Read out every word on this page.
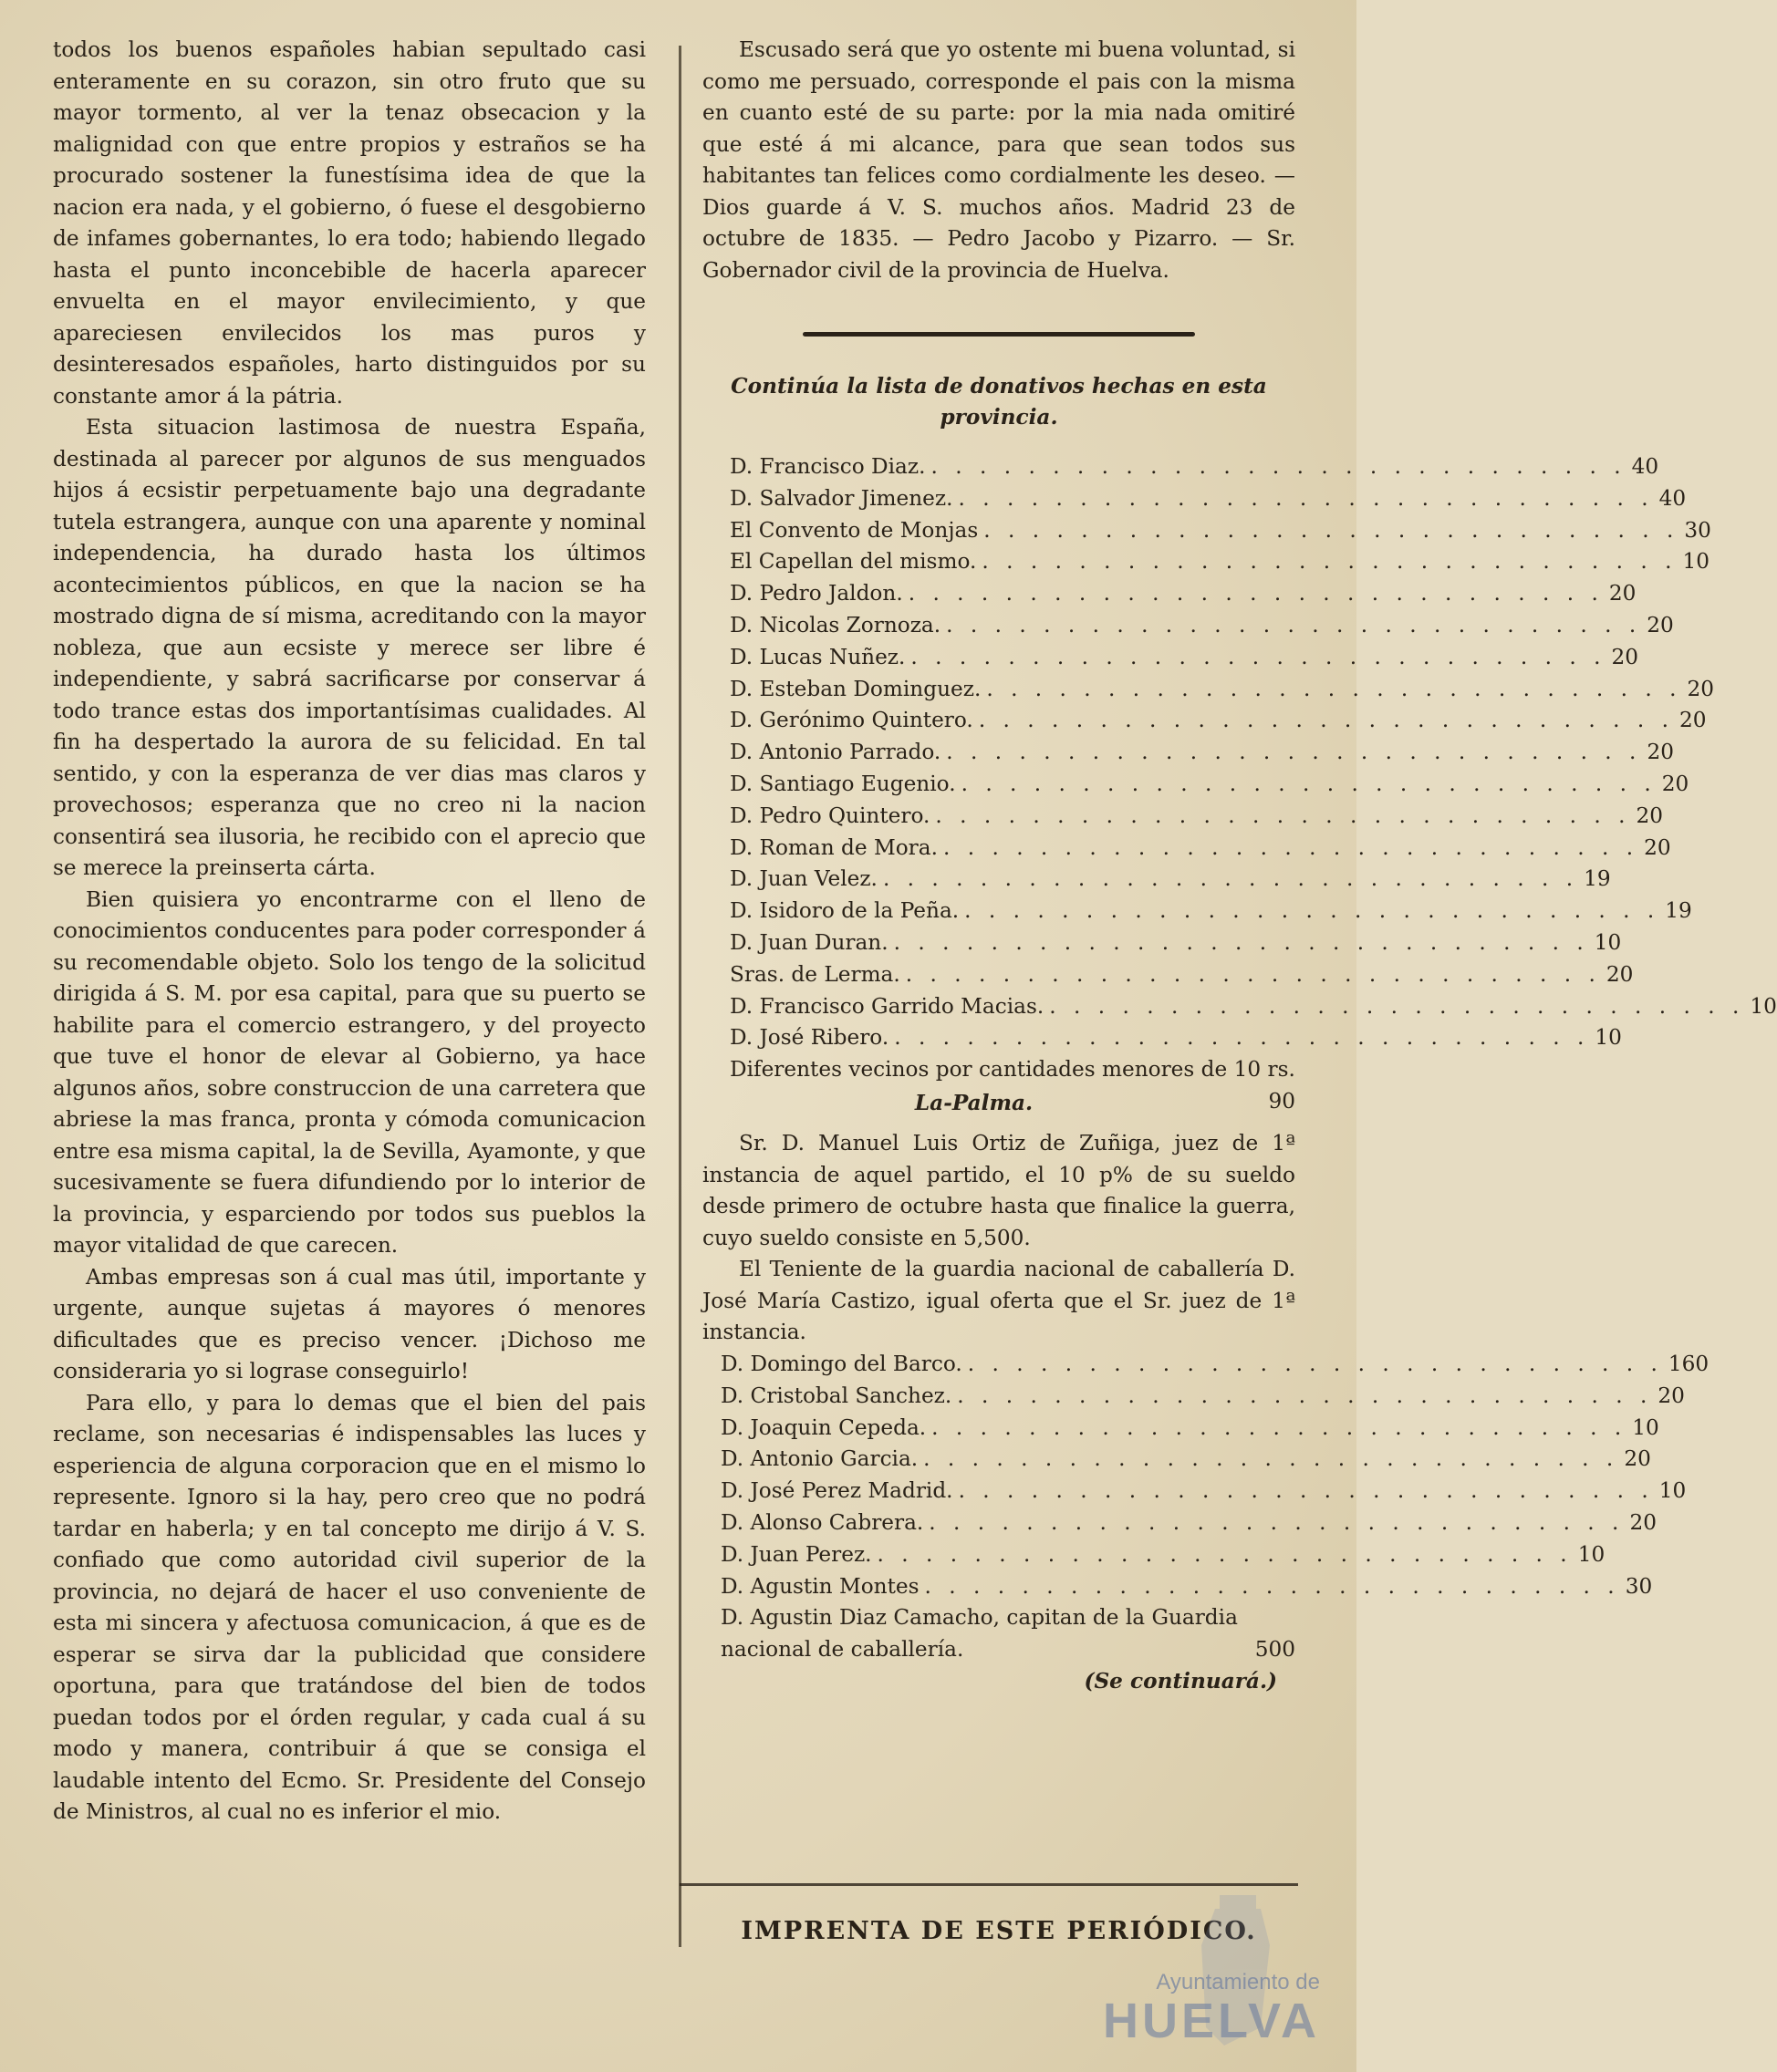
todos los buenos españoles habian sepultado casi enteramente en su corazon, sin otro fruto que su mayor tormento, al ver la tenaz obsecacion y la malignidad con que entre propios y estraños se ha procurado sostener la funestísima idea de que la nacion era nada, y el gobierno, ó fuese el desgobierno de infames gobernantes, lo era todo; habiendo llegado hasta el punto inconcebible de hacerla aparecer envuelta en el mayor envilecimiento, y que apareciesen envilecidos los mas puros y desinteresados españoles, harto distinguidos por su constante amor á la pátria.

Esta situacion lastimosa de nuestra España, destinada al parecer por algunos de sus menguados hijos á ecsistir perpetuamente bajo una degradante tutela estrangera, aunque con una aparente y nominal independencia, ha durado hasta los últimos acontecimientos públicos, en que la nacion se ha mostrado digna de sí misma, acreditando con la mayor nobleza, que aun ecsiste y merece ser libre é independiente, y sabrá sacrificarse por conservar á todo trance estas dos importantísimas cualidades. Al fin ha despertado la aurora de su felicidad. En tal sentido, y con la esperanza de ver dias mas claros y provechosos; esperanza que no creo ni la nacion consentirá sea ilusoria, he recibido con el aprecio que se merece la preinserta cárta.

Bien quisiera yo encontrarme con el lleno de conocimientos conducentes para poder corresponder á su recomendable objeto. Solo los tengo de la solicitud dirigida á S. M. por esa capital, para que su puerto se habilite para el comercio estrangero, y del proyecto que tuve el honor de elevar al Gobierno, ya hace algunos años, sobre construccion de una carretera que abriese la mas franca, pronta y cómoda comunicacion entre esa misma capital, la de Sevilla, Ayamonte, y que sucesivamente se fuera difundiendo por lo interior de la provincia, y esparciendo por todos sus pueblos la mayor vitalidad de que carecen.

Ambas empresas son á cual mas útil, importante y urgente, aunque sujetas á mayores ó menores dificultades que es preciso vencer. ¡Dichoso me consideraria yo si lograse conseguirlo!

Para ello, y para lo demas que el bien del pais reclame, son necesarias é indispensables las luces y esperiencia de alguna corporacion que en el mismo lo represente. Ignoro si la hay, pero creo que no podrá tardar en haberla; y en tal concepto me dirijo á V. S. confiado que como autoridad civil superior de la provincia, no dejará de hacer el uso conveniente de esta mi sincera y afectuosa comunicacion, á que es de esperar se sirva dar la publicidad que considere oportuna, para que tratándose del bien de todos puedan todos por el órden regular, y cada cual á su modo y manera, contribuir á que se consiga el laudable intento del Ecmo. Sr. Presidente del Consejo de Ministros, al cual no es inferior el mio.

Escusado será que yo ostente mi buena voluntad, si como me persuado, corresponde el pais con la misma en cuanto esté de su parte: por la mia nada omitiré que esté á mi alcance, para que sean todos sus habitantes tan felices como cordialmente les deseo. — Dios guarde á V. S. muchos años. Madrid 23 de octubre de 1835. — Pedro Jacobo y Pizarro. — Sr. Gobernador civil de la provincia de Huelva.

Continúa la lista de donativos hechas en esta provincia.

D. Francisco Diaz. . . . . . . . . . . . . . . . . . . . . . . . . . . . . . 40
D. Salvador Jimenez. . . . . . . . . . . . . . . . . . . . . . . . . . . . . . 40
El Convento de Monjas . . . . . . . . . . . . . . . . . . . . . . . . . . . . . 30
El Capellan del mismo. . . . . . . . . . . . . . . . . . . . . . . . . . . . . . 10
D. Pedro Jaldon. . . . . . . . . . . . . . . . . . . . . . . . . . . . . . 20
D. Nicolas Zornoza. . . . . . . . . . . . . . . . . . . . . . . . . . . . . . 20
D. Lucas Nuñez. . . . . . . . . . . . . . . . . . . . . . . . . . . . . . 20
D. Esteban Dominguez. . . . . . . . . . . . . . . . . . . . . . . . . . . . . . 20
D. Gerónimo Quintero. . . . . . . . . . . . . . . . . . . . . . . . . . . . . . 20
D. Antonio Parrado. . . . . . . . . . . . . . . . . . . . . . . . . . . . . . 20
D. Santiago Eugenio. . . . . . . . . . . . . . . . . . . . . . . . . . . . . . 20
D. Pedro Quintero. . . . . . . . . . . . . . . . . . . . . . . . . . . . . . 20
D. Roman de Mora. . . . . . . . . . . . . . . . . . . . . . . . . . . . . . 20
D. Juan Velez. . . . . . . . . . . . . . . . . . . . . . . . . . . . . . 19
D. Isidoro de la Peña. . . . . . . . . . . . . . . . . . . . . . . . . . . . . . 19
D. Juan Duran. . . . . . . . . . . . . . . . . . . . . . . . . . . . . . 10
Sras. de Lerma. . . . . . . . . . . . . . . . . . . . . . . . . . . . . . 20
D. Francisco Garrido Macias. . . . . . . . . . . . . . . . . . . . . . . . . . . . . . 10
D. José Ribero. . . . . . . . . . . . . . . . . . . . . . . . . . . . . . 10
Diferentes vecinos por cantidades menores de 10 rs.
90

La-Palma.

Sr. D. Manuel Luis Ortiz de Zuñiga, juez de 1ª instancia de aquel partido, el 10 p% de su sueldo desde primero de octubre hasta que finalice la guerra, cuyo sueldo consiste en 5,500.

El Teniente de la guardia nacional de caballería D. José María Castizo, igual oferta que el Sr. juez de 1ª instancia.

D. Domingo del Barco. . . . . . . . . . . . . . . . . . . . . . . . . . . . . . 160
D. Cristobal Sanchez. . . . . . . . . . . . . . . . . . . . . . . . . . . . . . 20
D. Joaquin Cepeda. . . . . . . . . . . . . . . . . . . . . . . . . . . . . . 10
D. Antonio Garcia. . . . . . . . . . . . . . . . . . . . . . . . . . . . . . 20
D. José Perez Madrid. . . . . . . . . . . . . . . . . . . . . . . . . . . . . . 10
D. Alonso Cabrera. . . . . . . . . . . . . . . . . . . . . . . . . . . . . . 20
D. Juan Perez. . . . . . . . . . . . . . . . . . . . . . . . . . . . . . 10
D. Agustin Montes . . . . . . . . . . . . . . . . . . . . . . . . . . . . . 30
D. Agustin Diaz Camacho, capitan de la Guardia nacional de caballería.	500

(Se continuará.)

IMPRENTA DE ESTE PERIÓDICO.
Ayuntamiento de
HUELVA
